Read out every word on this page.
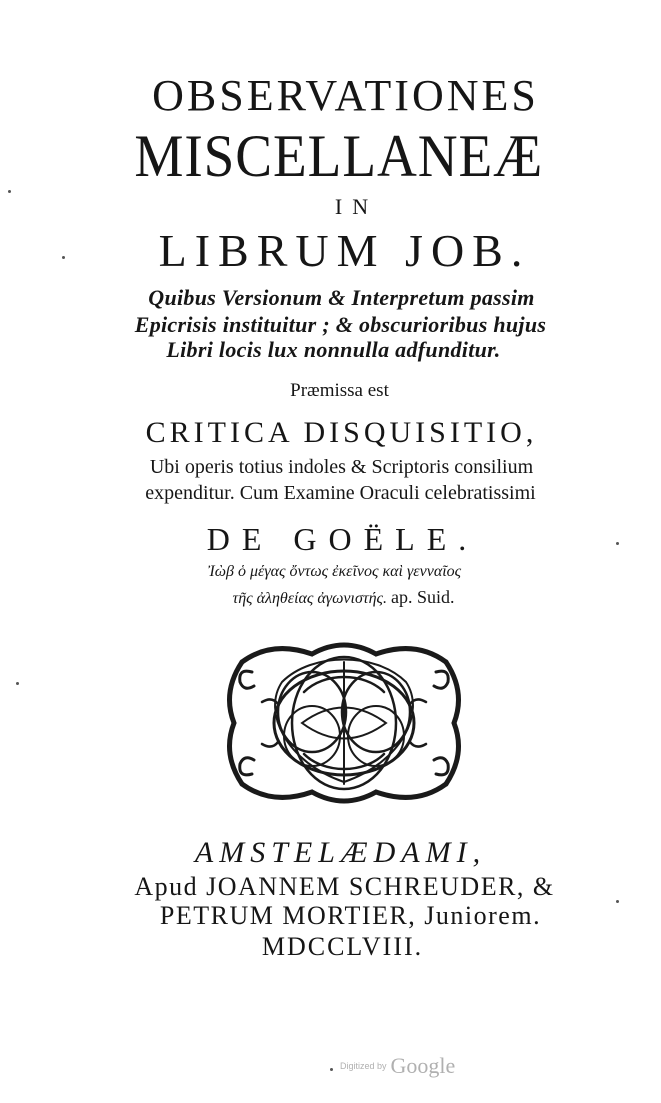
OBSERVATIONES
MISCELLANEÆ
IN
LIBRUM JOB.
Quibus Versionum & Interpretum passim
Epicrisis instituitur ; & obscurioribus hujus
Libri locis lux nonnulla adfunditur.
Præmissa est
CRITICA DISQUISITIO,
Ubi operis totius indoles & Scriptoris consilium
expenditur. Cum Examine Oraculi celebratissimi
DE GOËLE.
Ἰὼβ ὁ μέγας ὄντως ἐκεῖνος καὶ γενναῖος
τῆς ἀληθείας ἀγωνιστής. ap. Suid.
AMSTELÆDAMI,
Apud JOANNEM SCHREUDER, &
PETRUM MORTIER, Juniorem.
MDCCLVIII.
Digitized by Google
